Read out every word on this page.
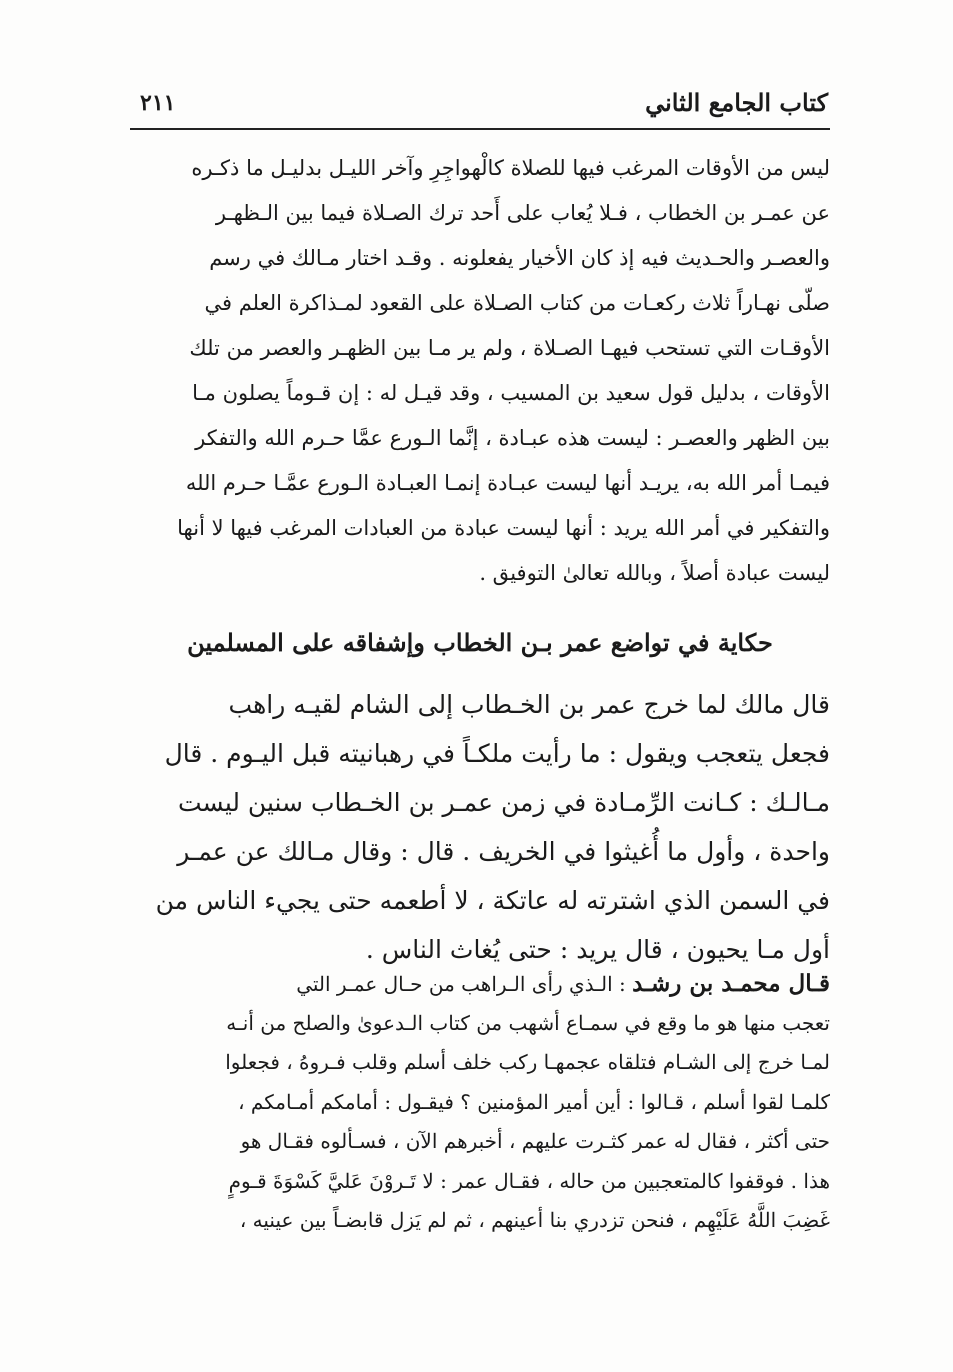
كتاب الجامع الثاني
٢١١
ليس من الأوقات المرغب فيها للصلاة كالْهواجِرِ وآخر الليـل بدليـل ما ذكـره
عن عمـر بن الخطاب ، فـلا يُعاب على أَحد ترك الصـلاة فيما بين الـظهـر
والعصـر والحـديث فيه إذ كان الأخيار يفعلونه . وقـد اختار مـالك في رسم
صلّى نهـاراً ثلاث ركعـات من كتاب الصـلاة على القعود لمـذاكرة العلم في
الأوقـات التي تستحب فيهـا الصـلاة ، ولم ير مـا بين الظهـر والعصر من تلك
الأوقات ، بدليل قول سعيد بن المسيب ، وقد قيـل له : إن قـوماً يصلون مـا
بين الظهر والعصـر : ليست هذه عبـادة ، إنَّما الـورع عمَّا حـرم الله والتفكر
فيمـا أمر الله به، يريـد أنها ليست عبـادة إنمـا العبـادة الـورع عمَّـا حـرم الله
والتفكير في أمر الله يريد : أنها ليست عبادة من العبادات المرغب فيها لا أنها
ليست عبادة أصلاً ، وبالله تعالىٰ التوفيق .
حكاية في تواضع عمر بـن الخطاب وإشفاقه على المسلمين
قال مالك لما خرج عمر بن الخـطاب إلى الشام لقيـه راهب
فجعل يتعجب ويقول : ما رأيت ملكـاً في رهبانيته قبل اليـوم . قال
مـالـك : كـانت الرِّمـادة في زمن عمـر بن الخـطاب سنين ليست
واحدة ، وأول ما أُغيثوا في الخريف . قال : وقال مـالك عن عمـر
في السمن الذي اشترته له عاتكة ، لا أطعمه حتى يجيء الناس من
أول مـا يحيون ، قال يريد : حتى يُغاث الناس .
قـال محمـد بن رشـد : الـذي رأى الـراهب من حـال عمـر التي
تعجب منها هو ما وقع في سمـاع أشهب من كتاب الـدعوىٰ والصلح من أنـه
لمـا خرج إلى الشـام فتلقاه عجمهـا ركب خلف أسلم وقلب فـروهُ ، فجعلوا
كلمـا لقوا أسلم ، قـالوا : أين أمير المؤمنين ؟ فيقـول : أمامكم أمـامكم ،
حتى أكثر ، فقال له عمر كثـرت عليهم ، أخبرهم الآن ، فسـألوه فقـال هو
هذا . فوقفوا كالمتعجبين من حاله ، فقـال عمر : لا تَـروْنَ عَليَّ كَسْوَةَ قـومٍ
غَضِبَ اللَّهُ عَلَيْهِم ، فنحن تزدري بنا أعينهم ، ثم لم يَزل قابضـاً بين عينيه ،
